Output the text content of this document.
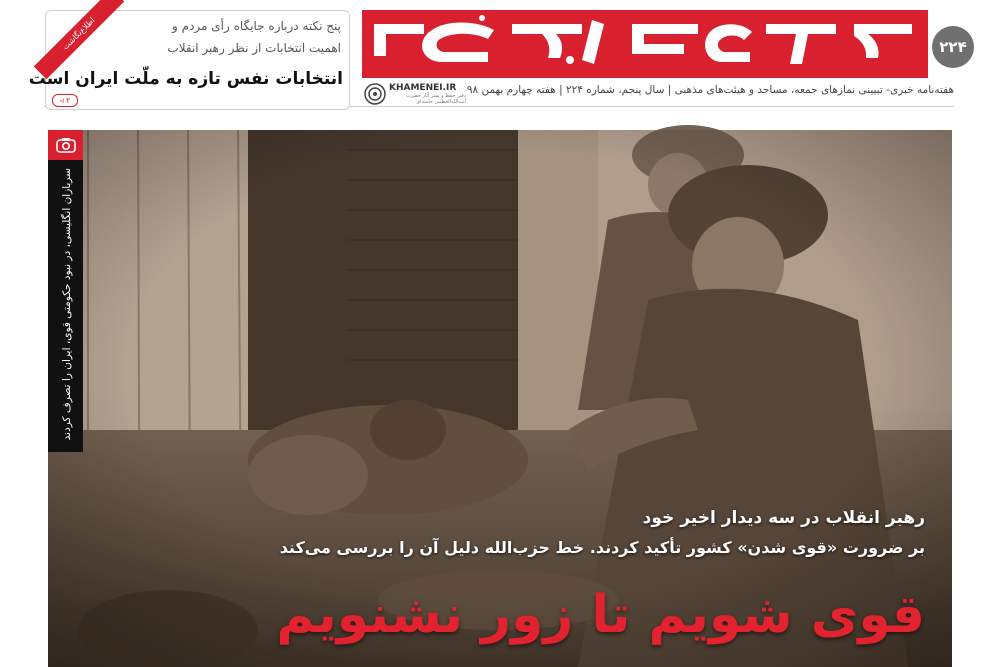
۲۲۴
KHAMENEI.IR
دفتر حفظ و نشر آثار حضرت آیت‌الله‌العظمی خامنه‌ای
هفته‌نامه خبری- تبیینی نمازهای جمعه، مساجد و هیئت‌های مذهبی | سال پنجم، شماره ۲۲۴ | هفته چهارم بهمن ۹۸
اطلاع‌نگاشت	پنج نکته درباره جایگاه رأی مردم و
اهمیت انتخابات از نظر رهبر انقلاب
انتخابات نفس تازه به ملّت ایران است
◃ ۲
سربازان انگلیسی، در نبود حکومتی قوی، ایران را تصرف کردند
رهبر انقلاب در سه دیدار اخیر خود
بر ضرورت «قوی شدن» کشور تأکید کردند. خط حزب‌الله دلیل آن را بررسی می‌کند
قوی شویم تا زور نشنویم
